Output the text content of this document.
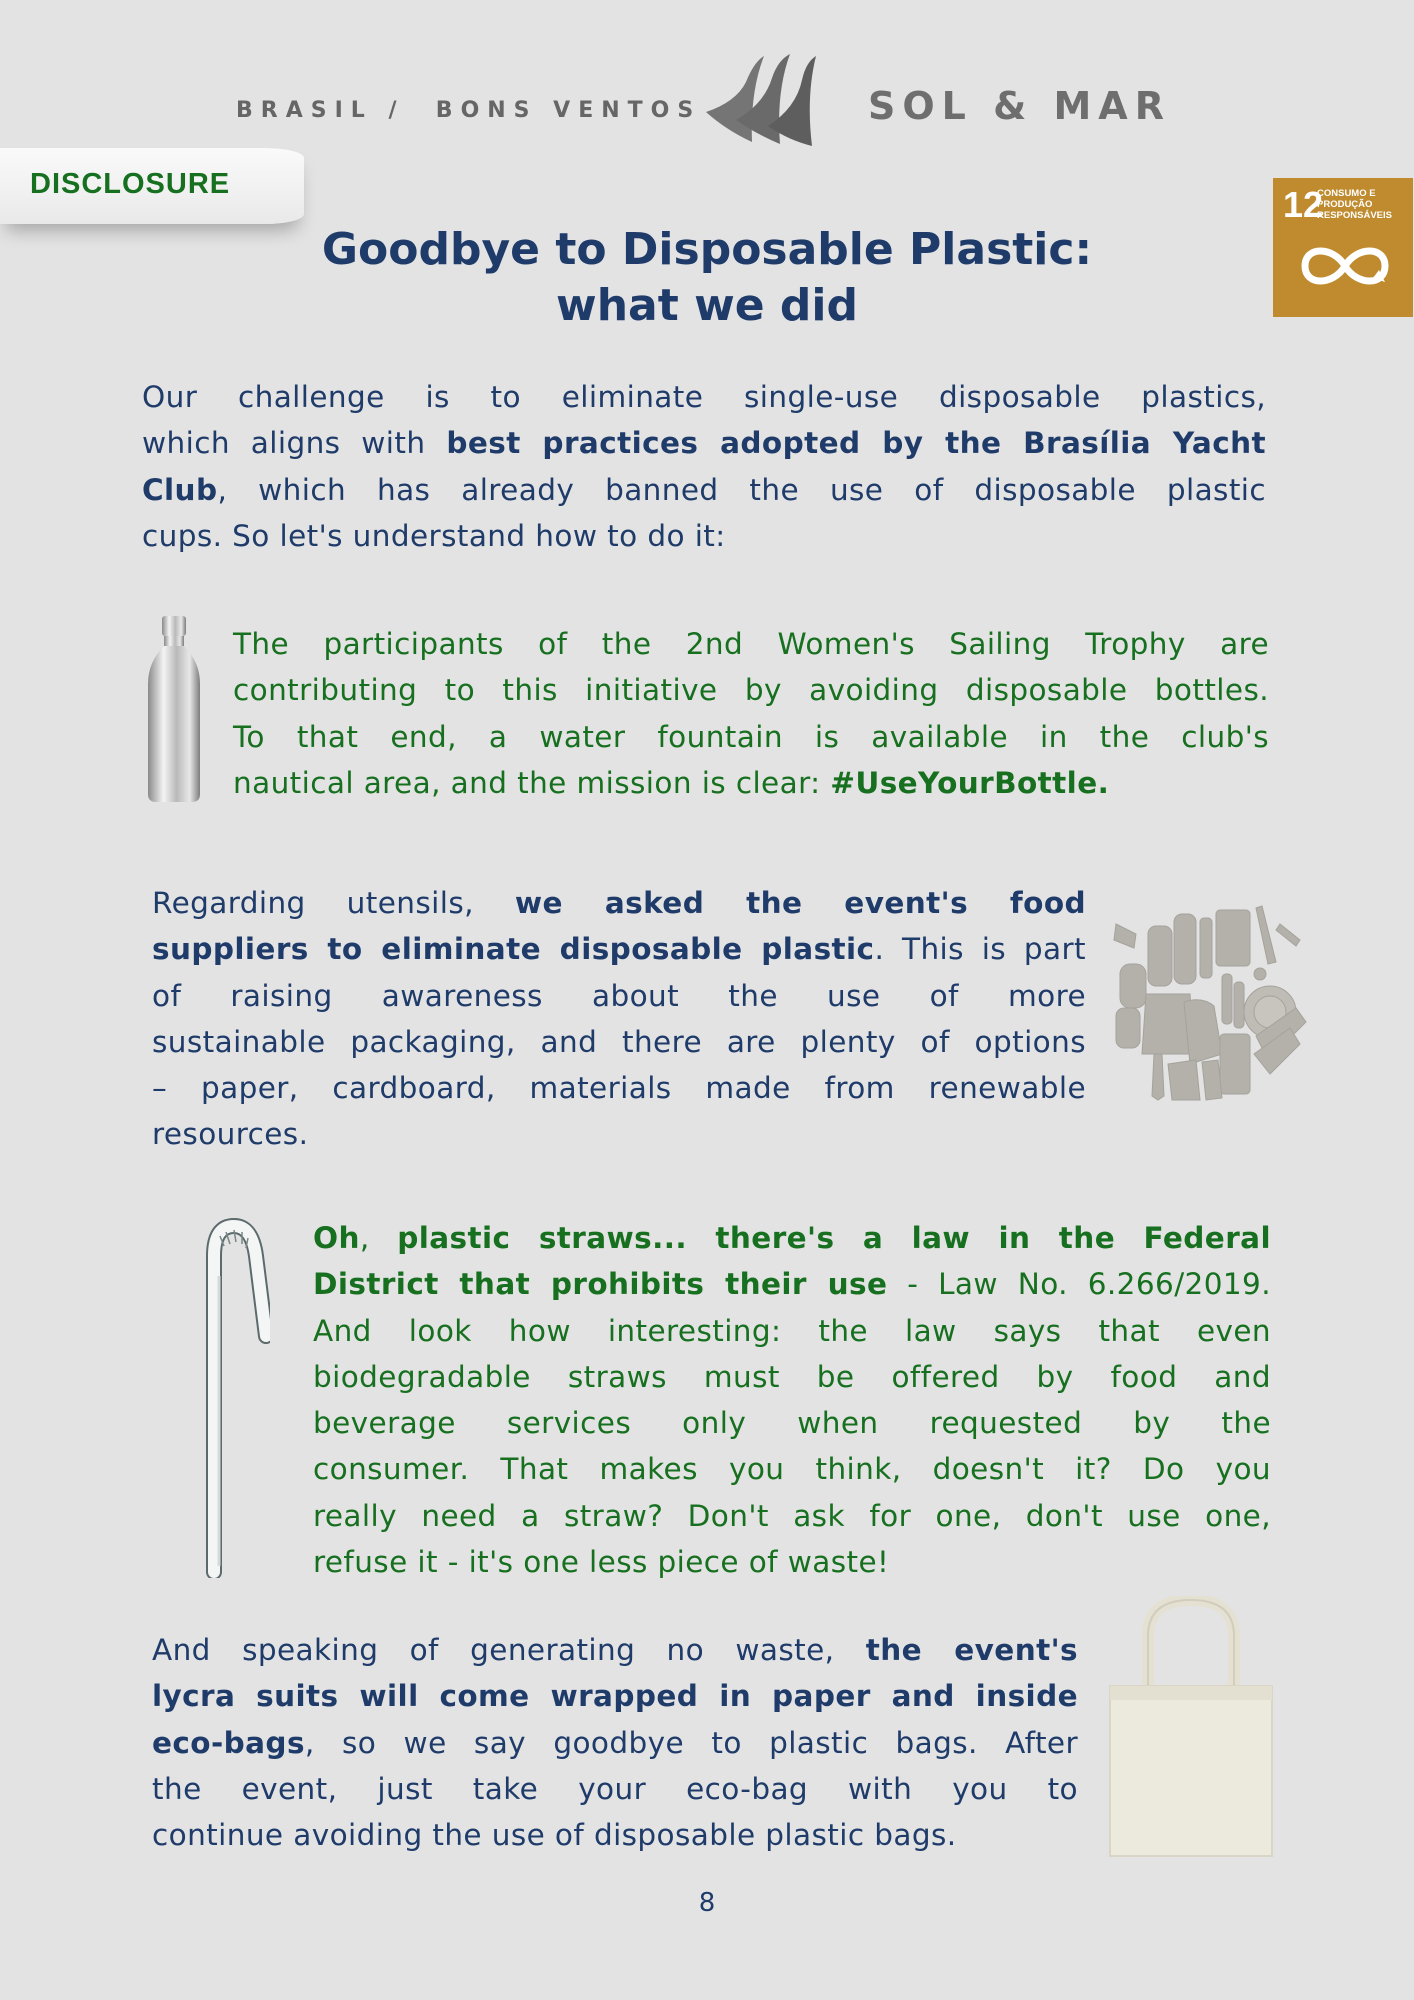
BRASIL /  BONS VENTOS	SOL & MAR
DISCLOSURE	12
CONSUMO E
PRODUÇÃO
RESPONSÁVEIS
Goodbye to Disposable Plastic:
what we did
Our challenge is to eliminate single-use disposable plastics,
which aligns with best practices adopted by the Brasília Yacht
Club, which has already banned the use of disposable plastic
cups. So let's understand how to do it:
The participants of the 2nd Women's Sailing Trophy are
contributing to this initiative by avoiding disposable bottles.
To that end, a water fountain is available in the club's
nautical area, and the mission is clear: #UseYourBottle.
Regarding utensils, we asked the event's food
suppliers to eliminate disposable plastic. This is part
of raising awareness about the use of more
sustainable packaging, and there are plenty of options
– paper, cardboard, materials made from renewable
resources.
Oh, plastic straws... there's a law in the Federal
District that prohibits their use - Law No. 6.266/2019.
And look how interesting: the law says that even
biodegradable straws must be offered by food and
beverage services only when requested by the
consumer. That makes you think, doesn't it? Do you
really need a straw? Don't ask for one, don't use one,
refuse it - it's one less piece of waste!
And speaking of generating no waste, the event's
lycra suits will come wrapped in paper and inside
eco-bags, so we say goodbye to plastic bags. After
the event, just take your eco-bag with you to
continue avoiding the use of disposable plastic bags.
8
